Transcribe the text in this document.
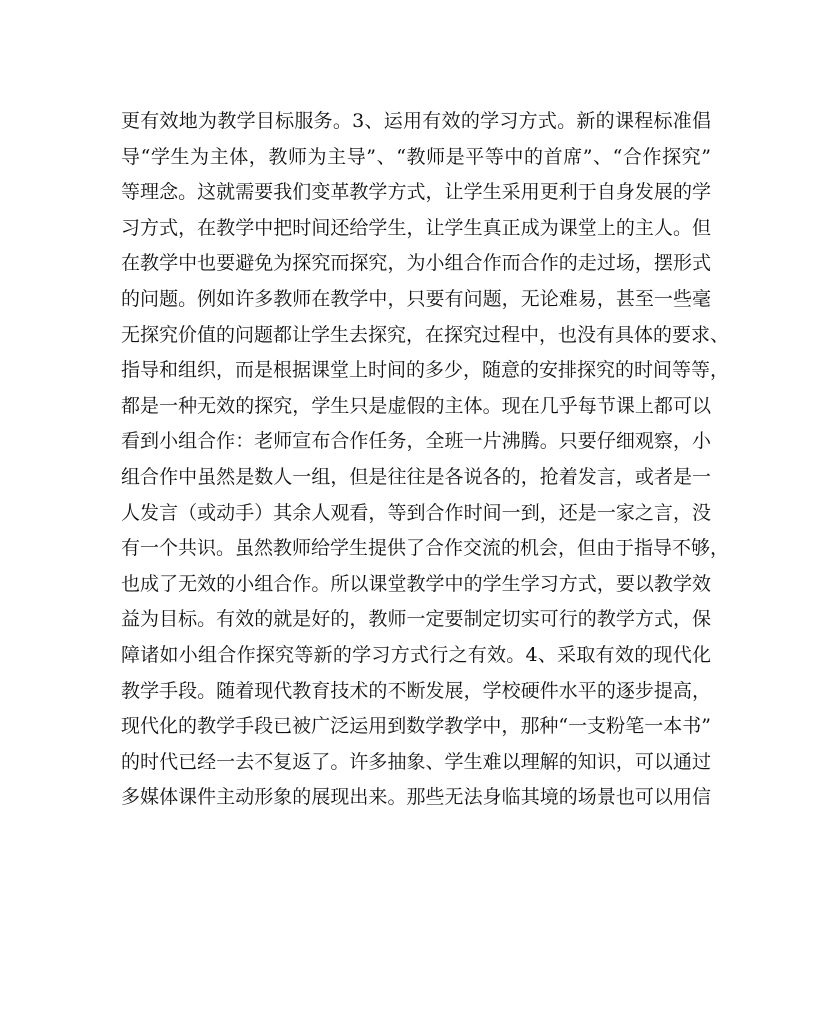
更有效地为教学目标服务。3、运用有效的学习方式。新的课程标准倡
导“学生为主体，教师为主导”、“教师是平等中的首席”、“合作探究”
等理念。这就需要我们变革教学方式，让学生采用更利于自身发展的学
习方式，在教学中把时间还给学生，让学生真正成为课堂上的主人。但
在教学中也要避免为探究而探究，为小组合作而合作的走过场，摆形式
的问题。例如许多教师在教学中，只要有问题，无论难易，甚至一些毫
无探究价值的问题都让学生去探究，在探究过程中，也没有具体的要求、
指导和组织，而是根据课堂上时间的多少，随意的安排探究的时间等等，
都是一种无效的探究，学生只是虚假的主体。现在几乎每节课上都可以
看到小组合作：老师宣布合作任务，全班一片沸腾。只要仔细观察，小
组合作中虽然是数人一组，但是往往是各说各的，抢着发言，或者是一
人发言（或动手）其余人观看，等到合作时间一到，还是一家之言，没
有一个共识。虽然教师给学生提供了合作交流的机会，但由于指导不够，
也成了无效的小组合作。所以课堂教学中的学生学习方式，要以教学效
益为目标。有效的就是好的，教师一定要制定切实可行的教学方式，保
障诸如小组合作探究等新的学习方式行之有效。4、采取有效的现代化
教学手段。随着现代教育技术的不断发展，学校硬件水平的逐步提高，
现代化的教学手段已被广泛运用到数学教学中，那种“一支粉笔一本书”
的时代已经一去不复返了。许多抽象、学生难以理解的知识，可以通过
多媒体课件主动形象的展现出来。那些无法身临其境的场景也可以用信
